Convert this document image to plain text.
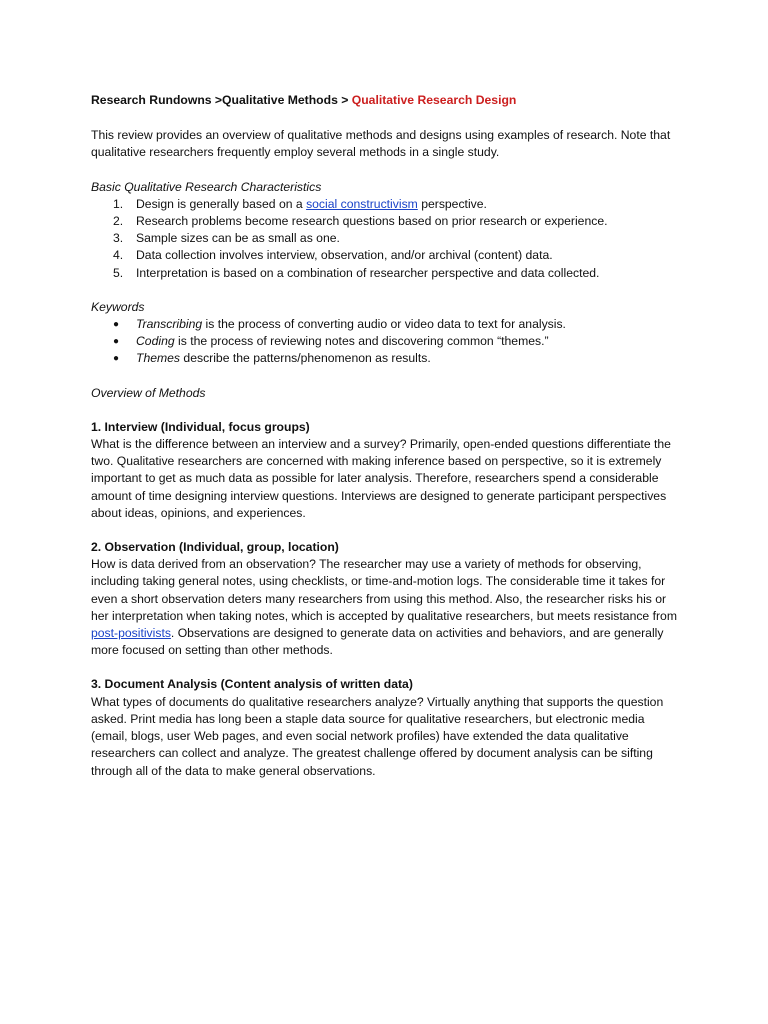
Research Rundowns >Qualitative Methods > Qualitative Research Design

This review provides an overview of qualitative methods and designs using examples of research. Note that qualitative researchers frequently employ several methods in a single study.

Basic Qualitative Research Characteristics

1. Design is generally based on a social constructivism perspective.
2. Research problems become research questions based on prior research or experience.
3. Sample sizes can be as small as one.
4. Data collection involves interview, observation, and/or archival (content) data.
5. Interpretation is based on a combination of researcher perspective and data collected.

Keywords

● Transcribing is the process of converting audio or video data to text for analysis.
● Coding is the process of reviewing notes and discovering common “themes.”
● Themes describe the patterns/phenomenon as results.

Overview of Methods

1. Interview (Individual, focus groups)

What is the difference between an interview and a survey? Primarily, open-ended questions differentiate the two. Qualitative researchers are concerned with making inference based on perspective, so it is extremely important to get as much data as possible for later analysis. Therefore, researchers spend a considerable amount of time designing interview questions. Interviews are designed to generate participant perspectives about ideas, opinions, and experiences.

2. Observation (Individual, group, location)

How is data derived from an observation? The researcher may use a variety of methods for observing, including taking general notes, using checklists, or time-and-motion logs. The considerable time it takes for even a short observation deters many researchers from using this method. Also, the researcher risks his or her interpretation when taking notes, which is accepted by qualitative researchers, but meets resistance from post-positivists. Observations are designed to generate data on activities and behaviors, and are generally more focused on setting than other methods.

3. Document Analysis (Content analysis of written data)

What types of documents do qualitative researchers analyze? Virtually anything that supports the question asked. Print media has long been a staple data source for qualitative researchers, but electronic media (email, blogs, user Web pages, and even social network profiles) have extended the data qualitative researchers can collect and analyze. The greatest challenge offered by document analysis can be sifting through all of the data to make general observations.
